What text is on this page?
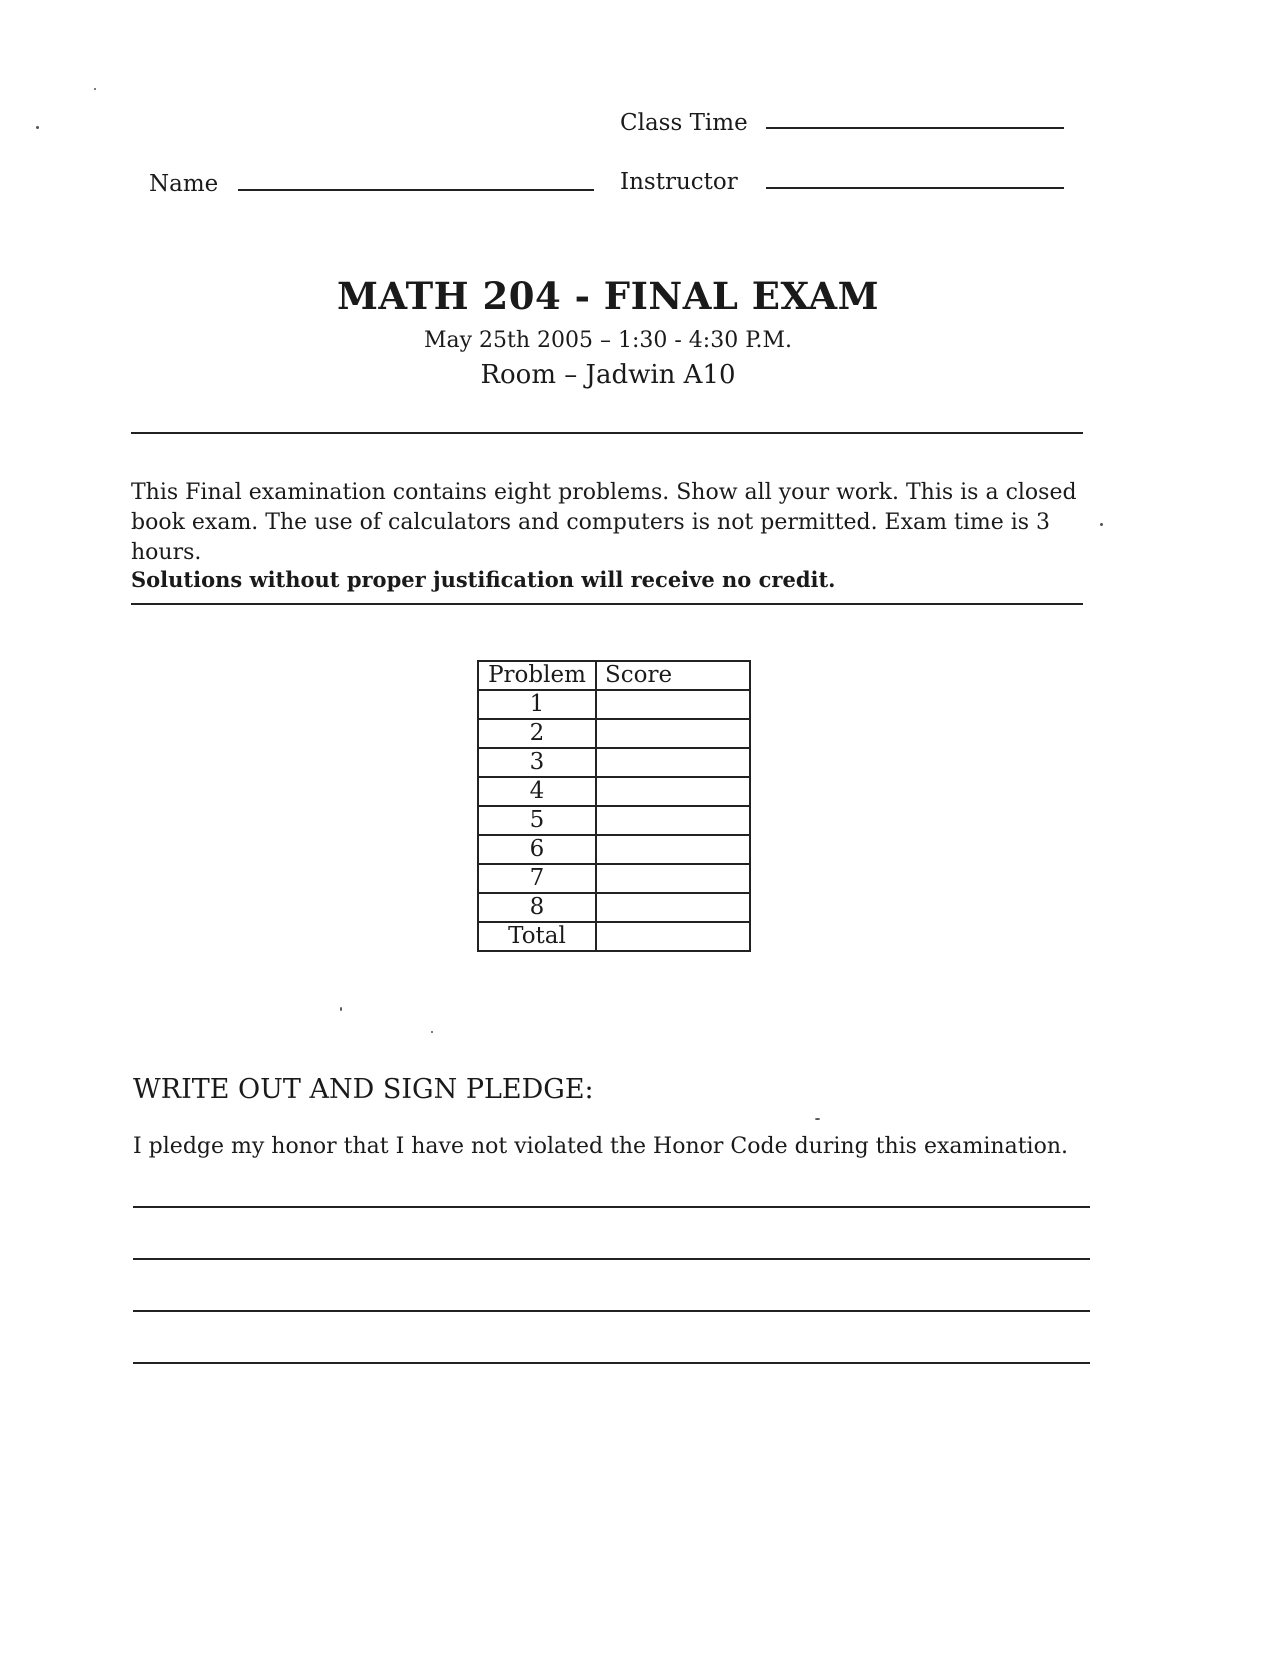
Class Time
Name	Instructor
MATH 204 - FINAL EXAM
May 25th 2005 – 1:30 - 4:30 P.M.
Room – Jadwin A10
This Final examination contains eight problems. Show all your work. This is a closed book exam. The use of calculators and computers is not permitted. Exam time is 3 hours.
Solutions without proper justification will receive no credit.
Problem	Score
1	
2	
3	
4	
5	
6	
7	
8	
Total	
WRITE OUT AND SIGN PLEDGE:
I pledge my honor that I have not violated the Honor Code during this examination.
